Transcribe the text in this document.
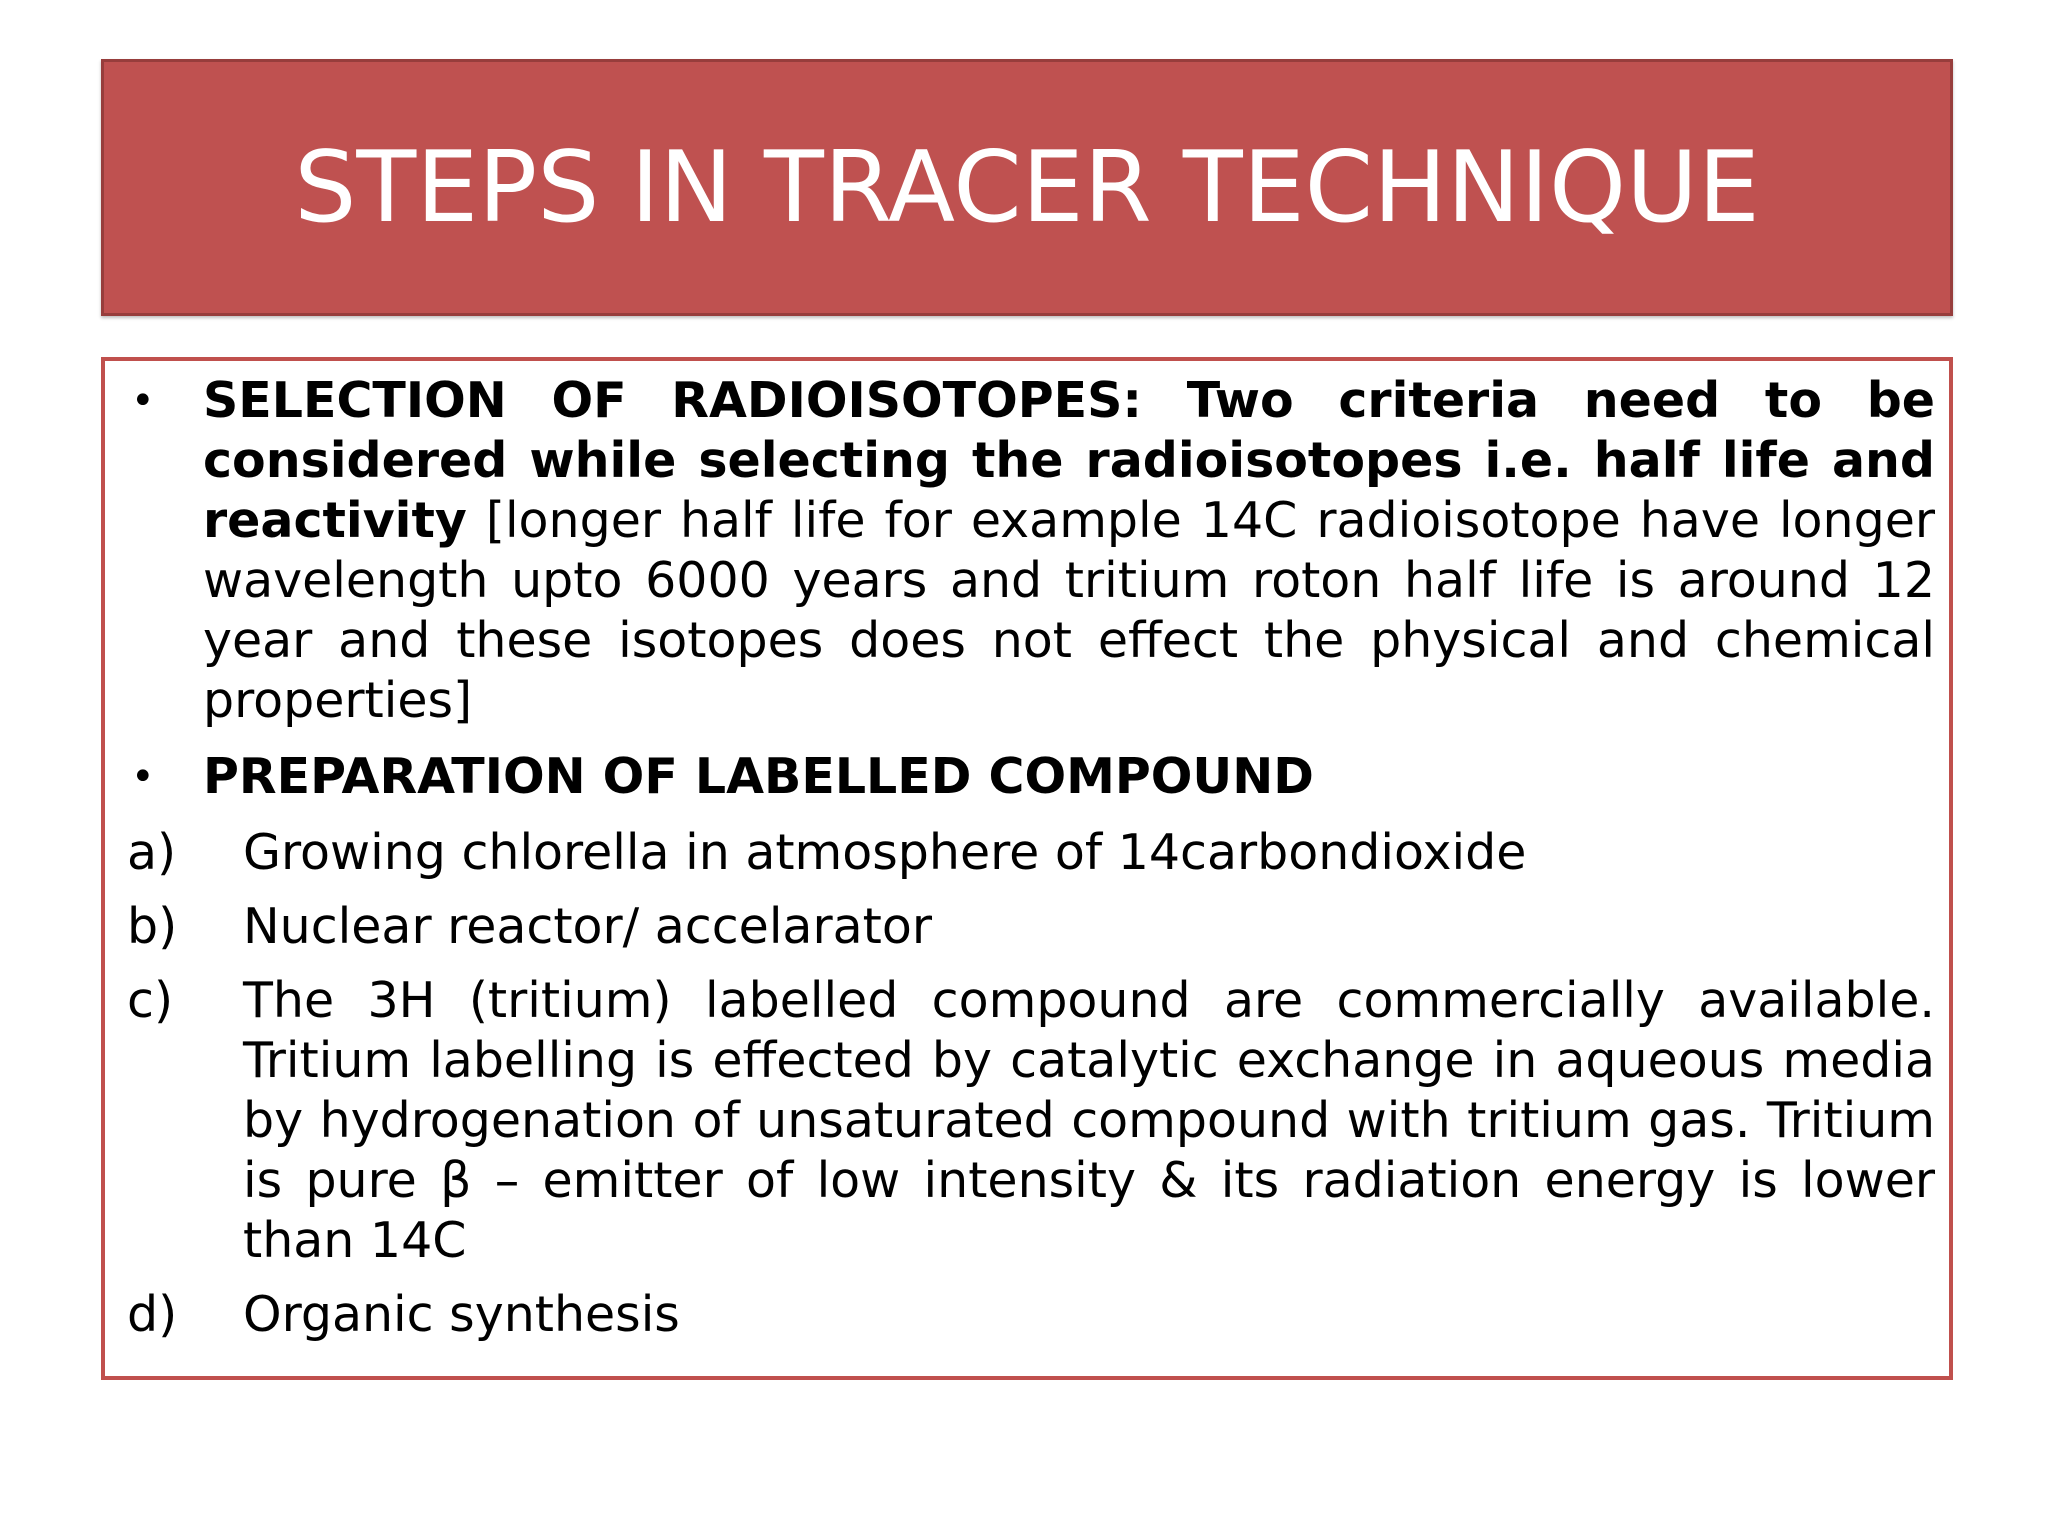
STEPS IN TRACER TECHNIQUE
• SELECTION OF RADIOISOTOPES: Two criteria need to be considered while selecting the radioisotopes i.e. half life and reactivity [longer half life for example 14C radioisotope have longer wavelength upto 6000 years and tritium roton half life is around 12 year and these isotopes does not effect the physical and chemical properties]
• PREPARATION OF LABELLED COMPOUND
a)	Growing chlorella in atmosphere of 14carbondioxide
b)	Nuclear reactor/ accelarator
c)	The 3H (tritium) labelled compound are commercially available. Tritium labelling is effected by catalytic exchange in aqueous media by hydrogenation of unsaturated compound with tritium gas. Tritium is pure β – emitter of low intensity & its radiation energy is lower than 14C
d)	Organic synthesis
